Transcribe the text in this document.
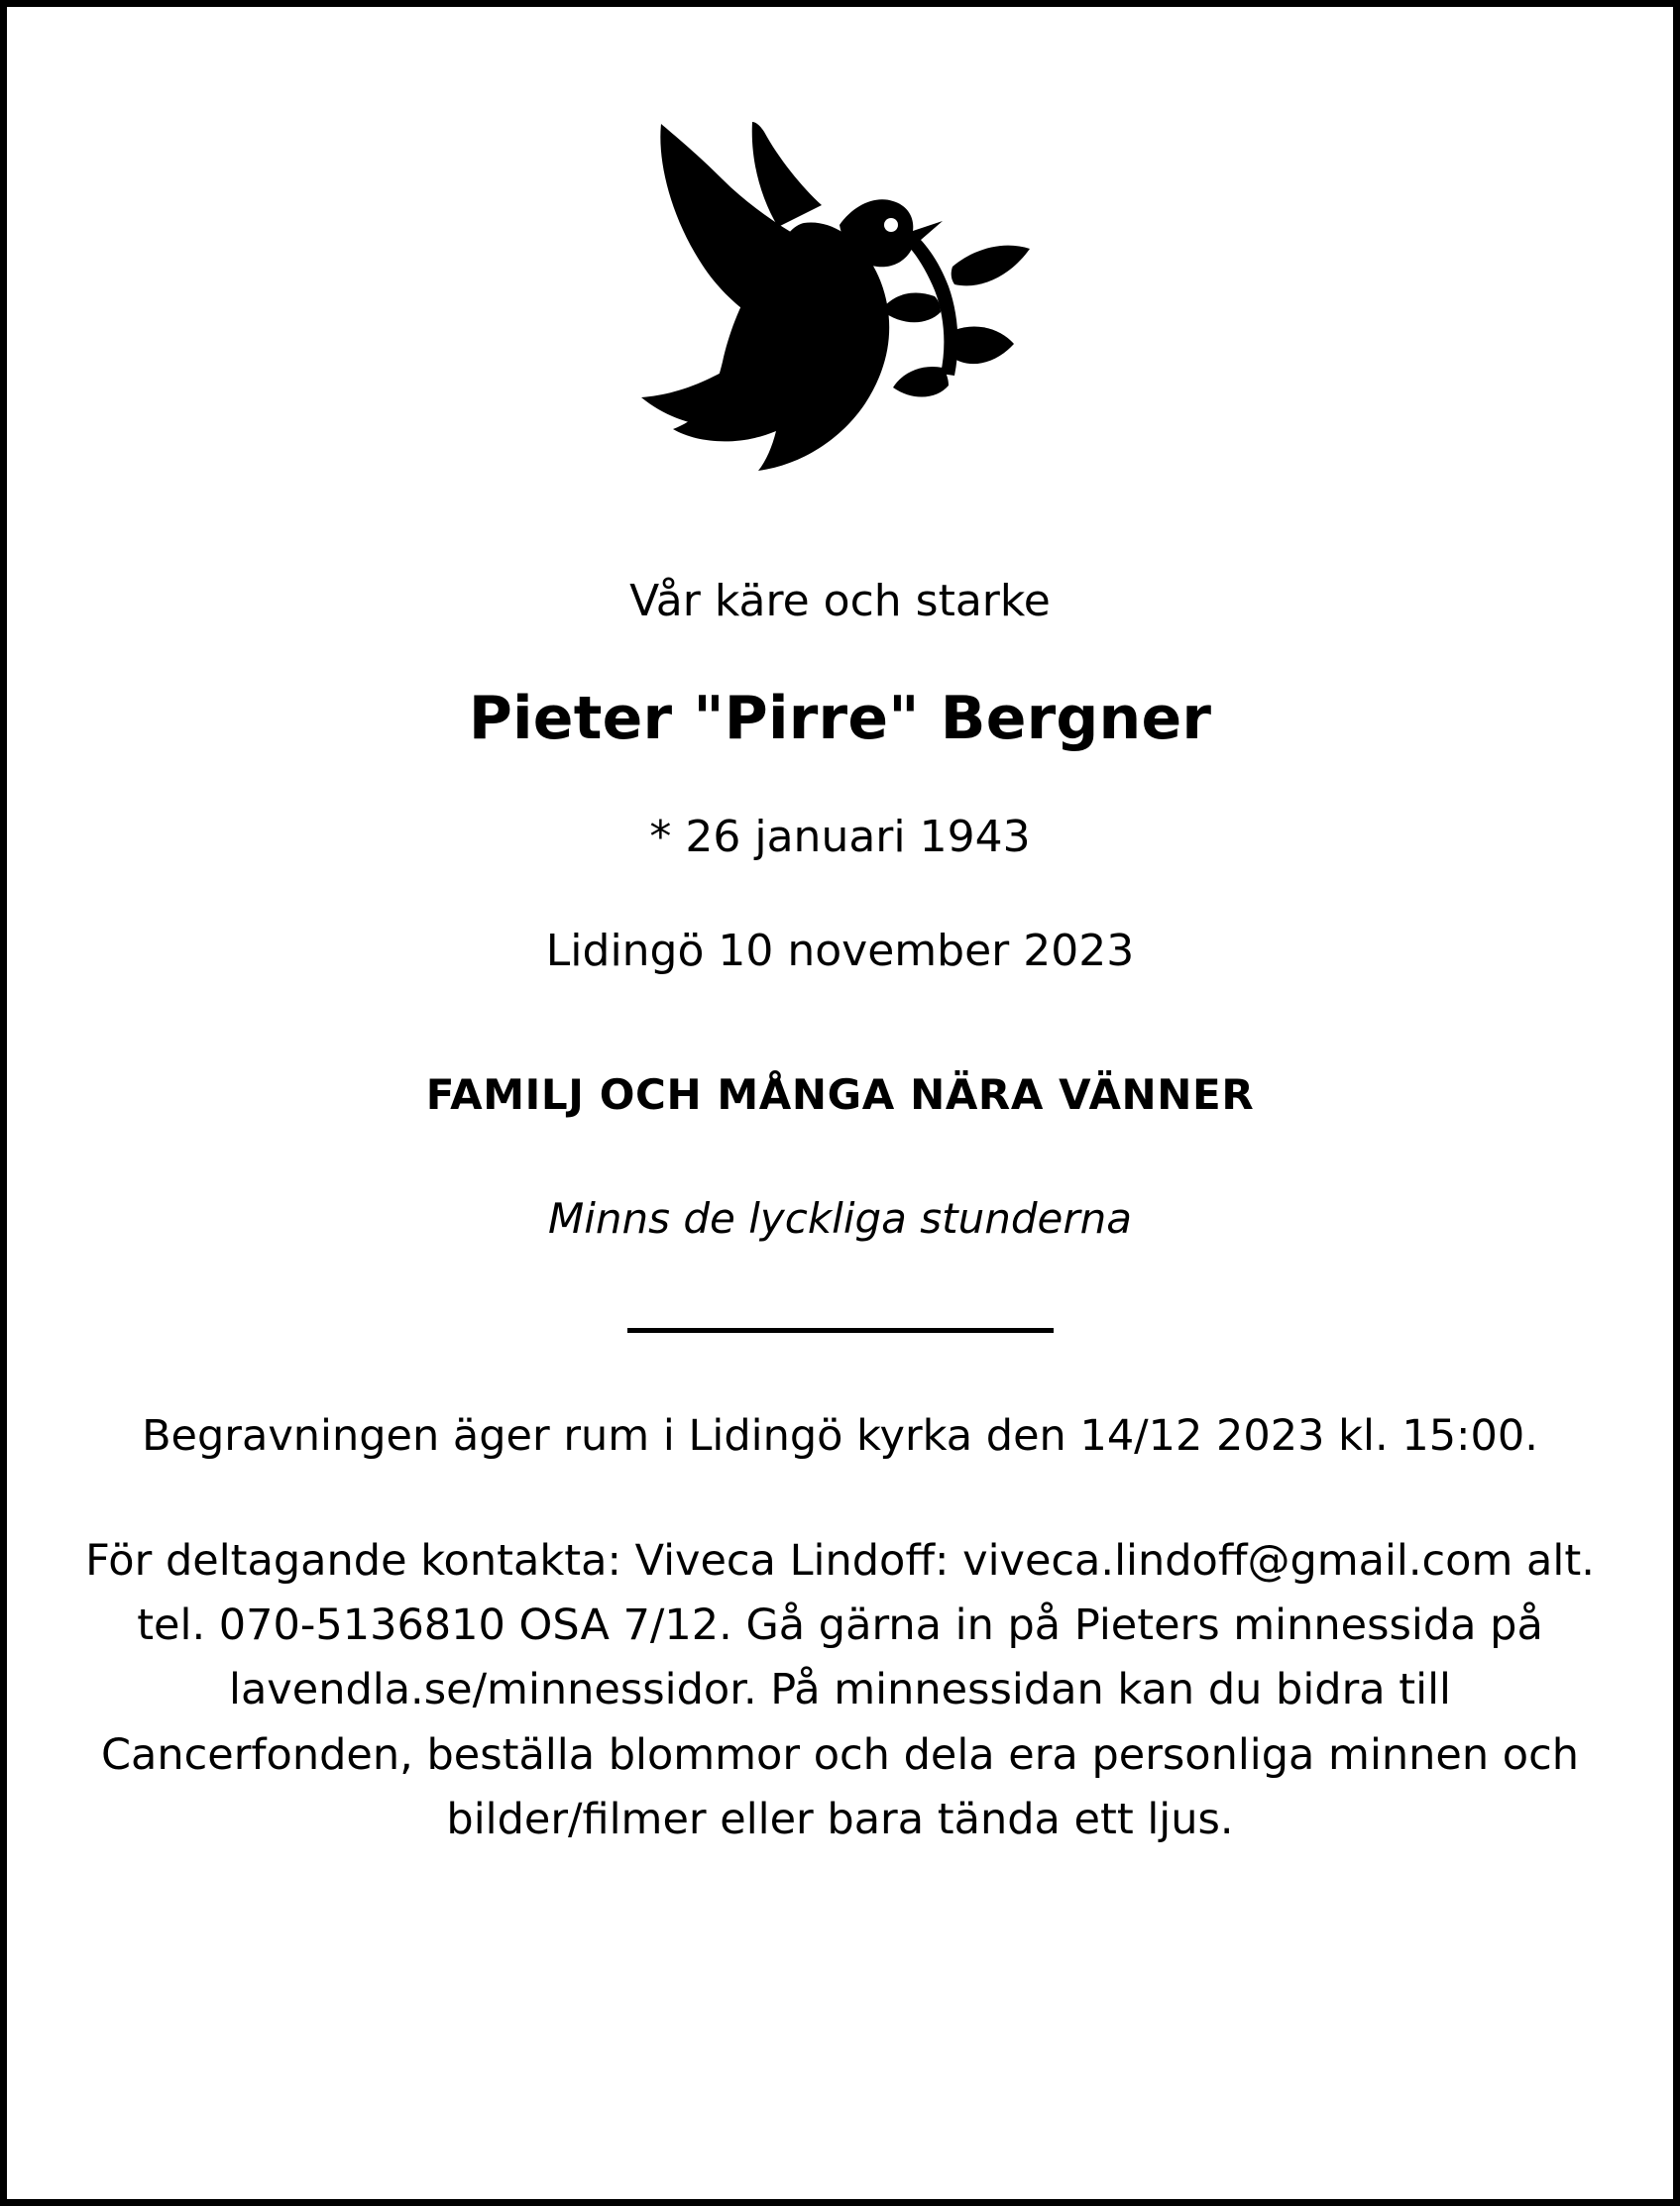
Vår käre och starke
Pieter "Pirre" Bergner
* 26 januari 1943
Lidingö 10 november 2023
FAMILJ OCH MÅNGA NÄRA VÄNNER
Minns de lyckliga stunderna
Begravningen äger rum i Lidingö kyrka den 14/12 2023 kl. 15:00.
För deltagande kontakta: Viveca Lindoff: viveca.lindoff@gmail.com alt. tel. 070-5136810 OSA 7/12. Gå gärna in på Pieters minnessida på lavendla.se/minnessidor. På minnessidan kan du bidra till Cancerfonden, beställa blommor och dela era personliga minnen och bilder/filmer eller bara tända ett ljus.
